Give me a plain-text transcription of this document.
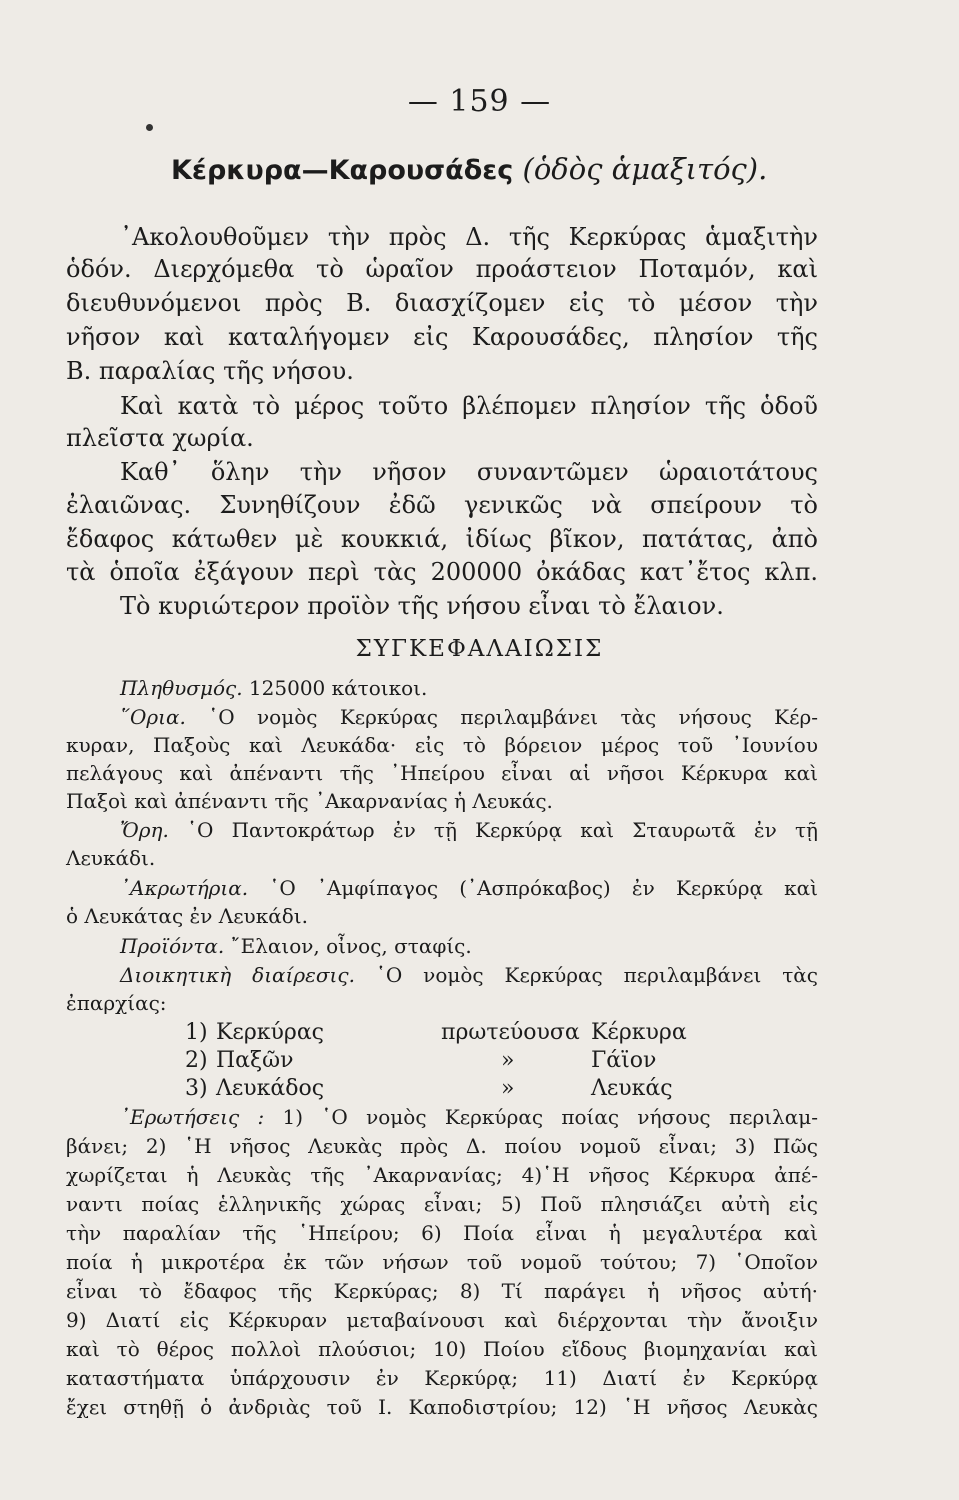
— 159 —
Κέρκυρα—Καρουσάδες (ὁδὸς ἁμαξιτός).
᾿Ακολουθοῦμεν τὴν πρὸς Δ. τῆς Κερκύρας ἁμαξιτὴν
ὁδόν. Διερχόμεθα τὸ ὡραῖον προάστειον Ποταμόν, καὶ
διευθυνόμενοι πρὸς Β. διασχίζομεν εἰς τὸ μέσον τὴν
νῆσον καὶ καταλήγομεν εἰς Καρουσάδες, πλησίον τῆς
Β. παραλίας τῆς νήσου.
Καὶ κατὰ τὸ μέρος τοῦτο βλέπομεν πλησίον τῆς ὁδοῦ
πλεῖστα χωρία.
Καθ᾿ ὅλην τὴν νῆσον συναντῶμεν ὡραιοτάτους
ἐλαιῶνας. Συνηθίζουν ἐδῶ γενικῶς νὰ σπείρουν τὸ
ἔδαφος κάτωθεν μὲ κουκκιά, ἰδίως βῖκον, πατάτας, ἀπὸ
τὰ ὁποῖα ἐξάγουν περὶ τὰς 200000 ὀκάδας κατ᾿ἔτος κλπ.
Τὸ κυριώτερον προϊὸν τῆς νήσου εἶναι τὸ ἔλαιον.
ΣΥΓΚΕΦΑΛΑΙΩΣΙΣ
Πληθυσμός. 125000 κάτοικοι.
῞Ορια. ῾Ο νομὸς Κερκύρας περιλαμβάνει τὰς νήσους Κέρ-
κυραν, Παξοὺς καὶ Λευκάδα· εἰς τὸ βόρειον μέρος τοῦ ᾿Ιουνίου
πελάγους καὶ ἀπέναντι τῆς ᾿Ηπείρου εἶναι αἱ νῆσοι Κέρκυρα καὶ
Παξοὶ καὶ ἀπέναντι τῆς ᾿Ακαρνανίας ἡ Λευκάς.
Ὄρη. ῾Ο Παντοκράτωρ ἐν τῇ Κερκύρᾳ καὶ Σταυρωτᾶ ἐν τῇ
Λευκάδι.
᾿Ακρωτήρια. ῾Ο ᾿Αμφίπαγος (᾿Ασπρόκαβος) ἐν Κερκύρᾳ καὶ
ὁ Λευκάτας ἐν Λευκάδι.
Προϊόντα. ῎Ελαιον, οἶνος, σταφίς.
Διοικητικὴ διαίρεσις. ῾Ο νομὸς Κερκύρας περιλαμβάνει τὰς
ἐπαρχίας:
1) Κερκύρας	πρωτεύουσα Κέρκυρα
2) Παξῶν	»	Γάϊον
3) Λευκάδος	»	Λευκάς
᾿Ερωτήσεις : 1) ῾Ο νομὸς Κερκύρας ποίας νήσους περιλαμ-
βάνει; 2) ῾Η νῆσος Λευκὰς πρὸς Δ. ποίου νομοῦ εἶναι; 3) Πῶς
χωρίζεται ἡ Λευκὰς τῆς ᾿Ακαρνανίας; 4)῾Η νῆσος Κέρκυρα ἀπέ-
ναντι ποίας ἑλληνικῆς χώρας εἶναι; 5) Ποῦ πλησιάζει αὐτὴ εἰς
τὴν παραλίαν τῆς ῾Ηπείρου; 6) Ποία εἶναι ἡ μεγαλυτέρα καὶ
ποία ἡ μικροτέρα ἐκ τῶν νήσων τοῦ νομοῦ τούτου; 7) ῾Οποῖον
εἶναι τὸ ἔδαφος τῆς Κερκύρας; 8) Τί παράγει ἡ νῆσος αὐτή·
9) Διατί εἰς Κέρκυραν μεταβαίνουσι καὶ διέρχονται τὴν ἄνοιξιν
καὶ τὸ θέρος πολλοὶ πλούσιοι; 10) Ποίου εἴδους βιομηχανίαι καὶ
καταστήματα ὑπάρχουσιν ἐν Κερκύρᾳ; 11) Διατί ἐν Κερκύρᾳ
ἔχει στηθῇ ὁ ἀνδριὰς τοῦ Ι. Καποδιστρίου; 12) ῾Η νῆσος Λευκὰς
